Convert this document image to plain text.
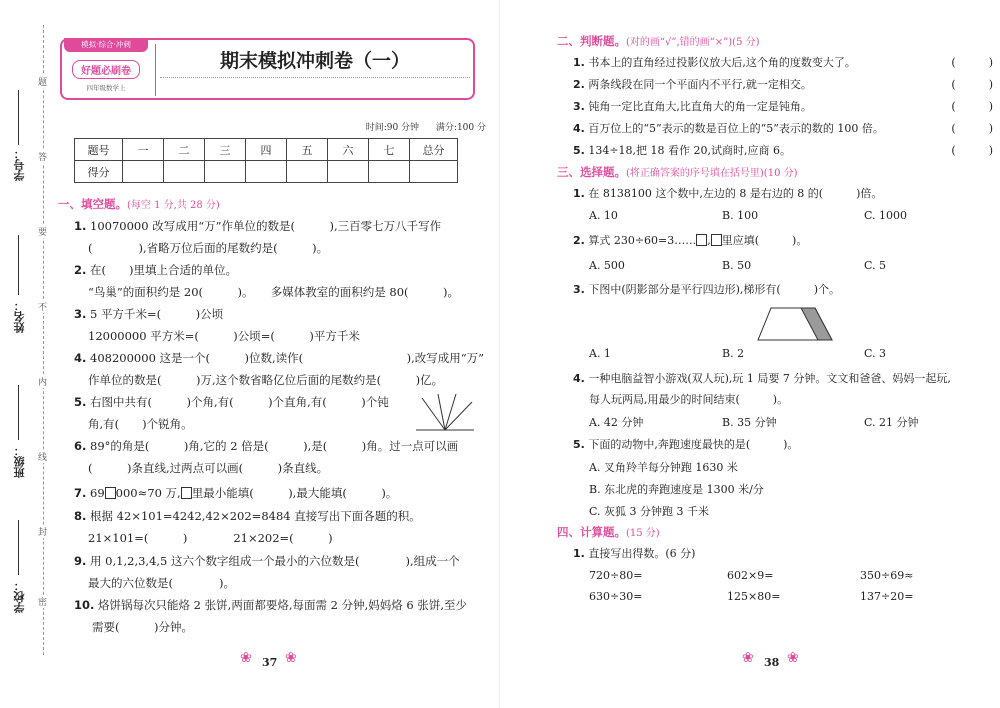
题
答
要
不
内
线
封
密
学号：
姓名：
班级：
学校：
模拟·综合·冲刺
好题必刷卷
四年级数学上
期末模拟冲刺卷（一）
时间:90 分钟 满分:100 分
题号	一	二	三	四	五	六	七	总分
得分								
一、填空题。(每空 1 分,共 28 分)
1. 10070000 改写成用“万”作单位的数是(　　　),三百零七万八千写作
(　　　　),省略万位后面的尾数约是(　　　)。
2. 在(　　)里填上合适的单位。
“鸟巢”的面积约是 20(　　　)。　　多媒体教室的面积约是 80(　　　)。
3. 5 平方千米=(　　　)公顷
12000000 平方米=(　　　)公顷=(　　　)平方千米
4. 408200000 这是一个(　　　)位数,读作(　　　　　　　　　),改写成用“万”
作单位的数是(　　　)万,这个数省略亿位后面的尾数约是(　　　)亿。
5. 右图中共有(　　　)个角,有(　　　)个直角,有(　　　)个钝
角,有(　　)个锐角。
6. 89°的角是(　　　)角,它的 2 倍是(　　　),是(　　　)角。过一点可以画
(　　　)条直线,过两点可以画(　　　)条直线。
7. 69 000≈70 万, 里最小能填(　　　),最大能填(　　　)。
8. 根据 42×101=4242,42×202=8484 直接写出下面各题的积。
21×101=(　　　)　　　　21×202=(　　　)
9. 用 0,1,2,3,4,5 这六个数字组成一个最小的六位数是(　　　　),组成一个
最大的六位数是(　　　　)。
10. 烙饼锅每次只能烙 2 张饼,两面都要烙,每面需 2 分钟,妈妈烙 6 张饼,至少
需要(　　　)分钟。
❀ 37 ❀
二、判断题。(对的画“√”,错的画“×”)(5 分)
1. 书本上的直角经过投影仪放大后,这个角的度数变大了。	(　　　)
2. 两条线段在同一个平面内不平行,就一定相交。	(　　　)
3. 钝角一定比直角大,比直角大的角一定是钝角。	(　　　)
4. 百万位上的“5”表示的数是百位上的“5”表示的数的 100 倍。	(　　　)
5. 134÷18,把 18 看作 20,试商时,应商 6。	(　　　)
三、选择题。(将正确答案的序号填在括号里)(10 分)
1. 在 8138100 这个数中,左边的 8 是右边的 8 的(　　　)倍。
A. 10	B. 100	C. 1000
2. 算式 230÷60=3…… , 里应填(　　　)。
A. 500	B. 50	C. 5
3. 下图中(阴影部分是平行四边形),梯形有(　　　)个。
A. 1	B. 2	C. 3
4. 一种电脑益智小游戏(双人玩),玩 1 局要 7 分钟。文文和爸爸、妈妈一起玩,
每人玩两局,用最少的时间结束(　　　)。
A. 42 分钟	B. 35 分钟	C. 21 分钟
5. 下面的动物中,奔跑速度最快的是(　　　)。
A. 叉角羚羊每分钟跑 1630 米
B. 东北虎的奔跑速度是 1300 米/分
C. 灰狐 3 分钟跑 3 千米
四、计算题。(15 分)
1. 直接写出得数。(6 分)
720÷80=	602×9=	350÷69≈
630÷30=	125×80=	137÷20=
❀ 38 ❀
